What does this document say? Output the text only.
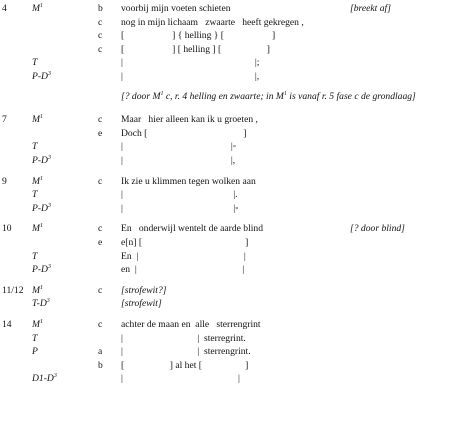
4	$M^1$	b voorbij mijn voeten schieten	[breekt af]
c nog in mijn lichaam   zwaarte   heeft gekregen ,
c [                    ] { helling } [                    ]
c [                    ] [ helling ] [                   ]
T	|                                                       |;
$P-D^3$	|                                                       |,
[? door $M^1$ c, r. 4 helling en zwaarte; in $M^1$ is vanaf r. 5 fase c de grondlaag]
7	$M^1$	c Maar   hier alleen kan ik u groeten ,
e Doch [                                        ]
T	|                                             |◦
$P-D^3$	|                                             |,
9	$M^1$	c Ik zie u klimmen tegen wolken aan
T	|                                              |.
$P-D^3$	|                                              |◦
10 $M^1$	c En   onderwijl wentelt de aarde blind	[? door blind]
e e[n] [                                           ]
T	En  |                                            |
$P-D^3$	en  |                                            |
11/12 $M^1$	c [strofewit?]
$T-D^3$	[strofewit]
14 $M^1$	c achter de maan en  alle   sterrengrint
T	|                               |  sterregrint.
P	a |                               |  sterrengrint.
b [                   ] al het [                  ]
$D1-D^3$	|                                                |
